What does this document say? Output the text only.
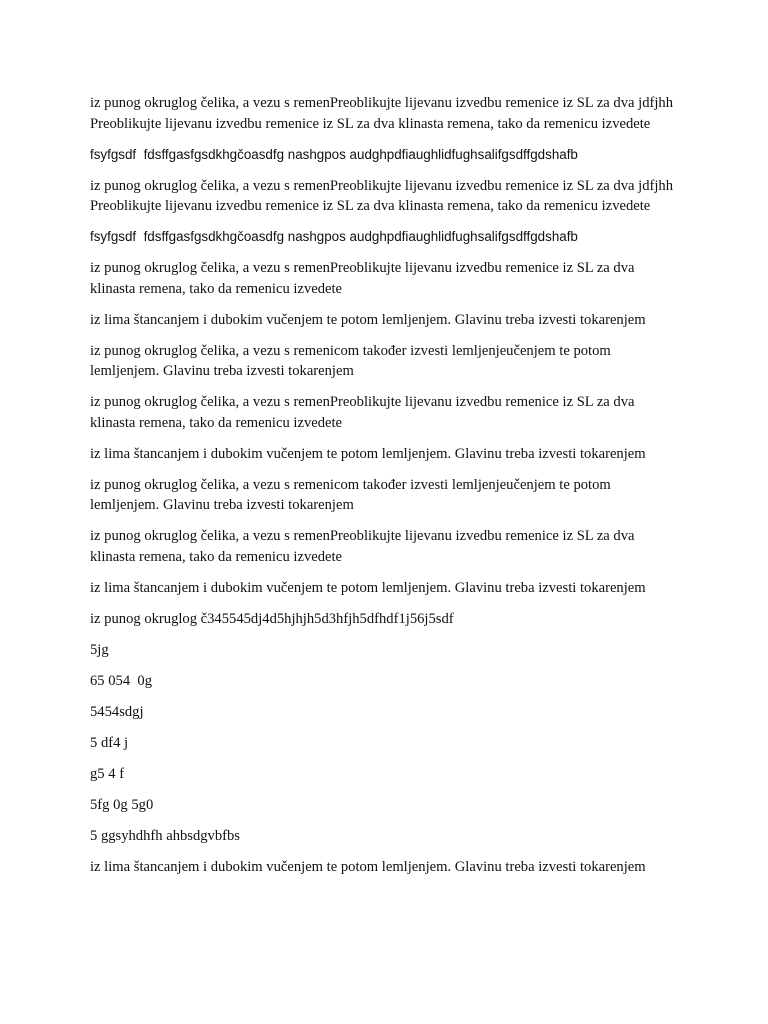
iz punog okruglog čelika, a vezu s remenPreoblikujte lijevanu izvedbu remenice iz SL za dva jdfjhh Preoblikujte lijevanu izvedbu remenice iz SL za dva klinasta remena, tako da remenicu izvedete

fsyfgsdf  fdsffgasfgsdkhgčoasdfg nashgpos audghpdfiaughlidfughsalifgsdffgdshafb

iz punog okruglog čelika, a vezu s remenPreoblikujte lijevanu izvedbu remenice iz SL za dva jdfjhh Preoblikujte lijevanu izvedbu remenice iz SL za dva klinasta remena, tako da remenicu izvedete

fsyfgsdf  fdsffgasfgsdkhgčoasdfg nashgpos audghpdfiaughlidfughsalifgsdffgdshafb

iz punog okruglog čelika, a vezu s remenPreoblikujte lijevanu izvedbu remenice iz SL za dva klinasta remena, tako da remenicu izvedete

iz lima štancanjem i dubokim vučenjem te potom lemljenjem. Glavinu treba izvesti tokarenjem

iz punog okruglog čelika, a vezu s remenicom također izvesti lemljenjeučenjem te potom lemljenjem. Glavinu treba izvesti tokarenjem

iz punog okruglog čelika, a vezu s remenPreoblikujte lijevanu izvedbu remenice iz SL za dva klinasta remena, tako da remenicu izvedete

iz lima štancanjem i dubokim vučenjem te potom lemljenjem. Glavinu treba izvesti tokarenjem

iz punog okruglog čelika, a vezu s remenicom također izvesti lemljenjeučenjem te potom lemljenjem. Glavinu treba izvesti tokarenjem

iz punog okruglog čelika, a vezu s remenPreoblikujte lijevanu izvedbu remenice iz SL za dva klinasta remena, tako da remenicu izvedete

iz lima štancanjem i dubokim vučenjem te potom lemljenjem. Glavinu treba izvesti tokarenjem

iz punog okruglog č345545dj4d5hjhjh5d3hfjh5dfhdf1j56j5sdf

5jg

65 054  0g

5454sdgj

5 df4 j

g5 4 f

5fg 0g 5g0

5 ggsyhdhfh ahbsdgvbfbs

iz lima štancanjem i dubokim vučenjem te potom lemljenjem. Glavinu treba izvesti tokarenjem
